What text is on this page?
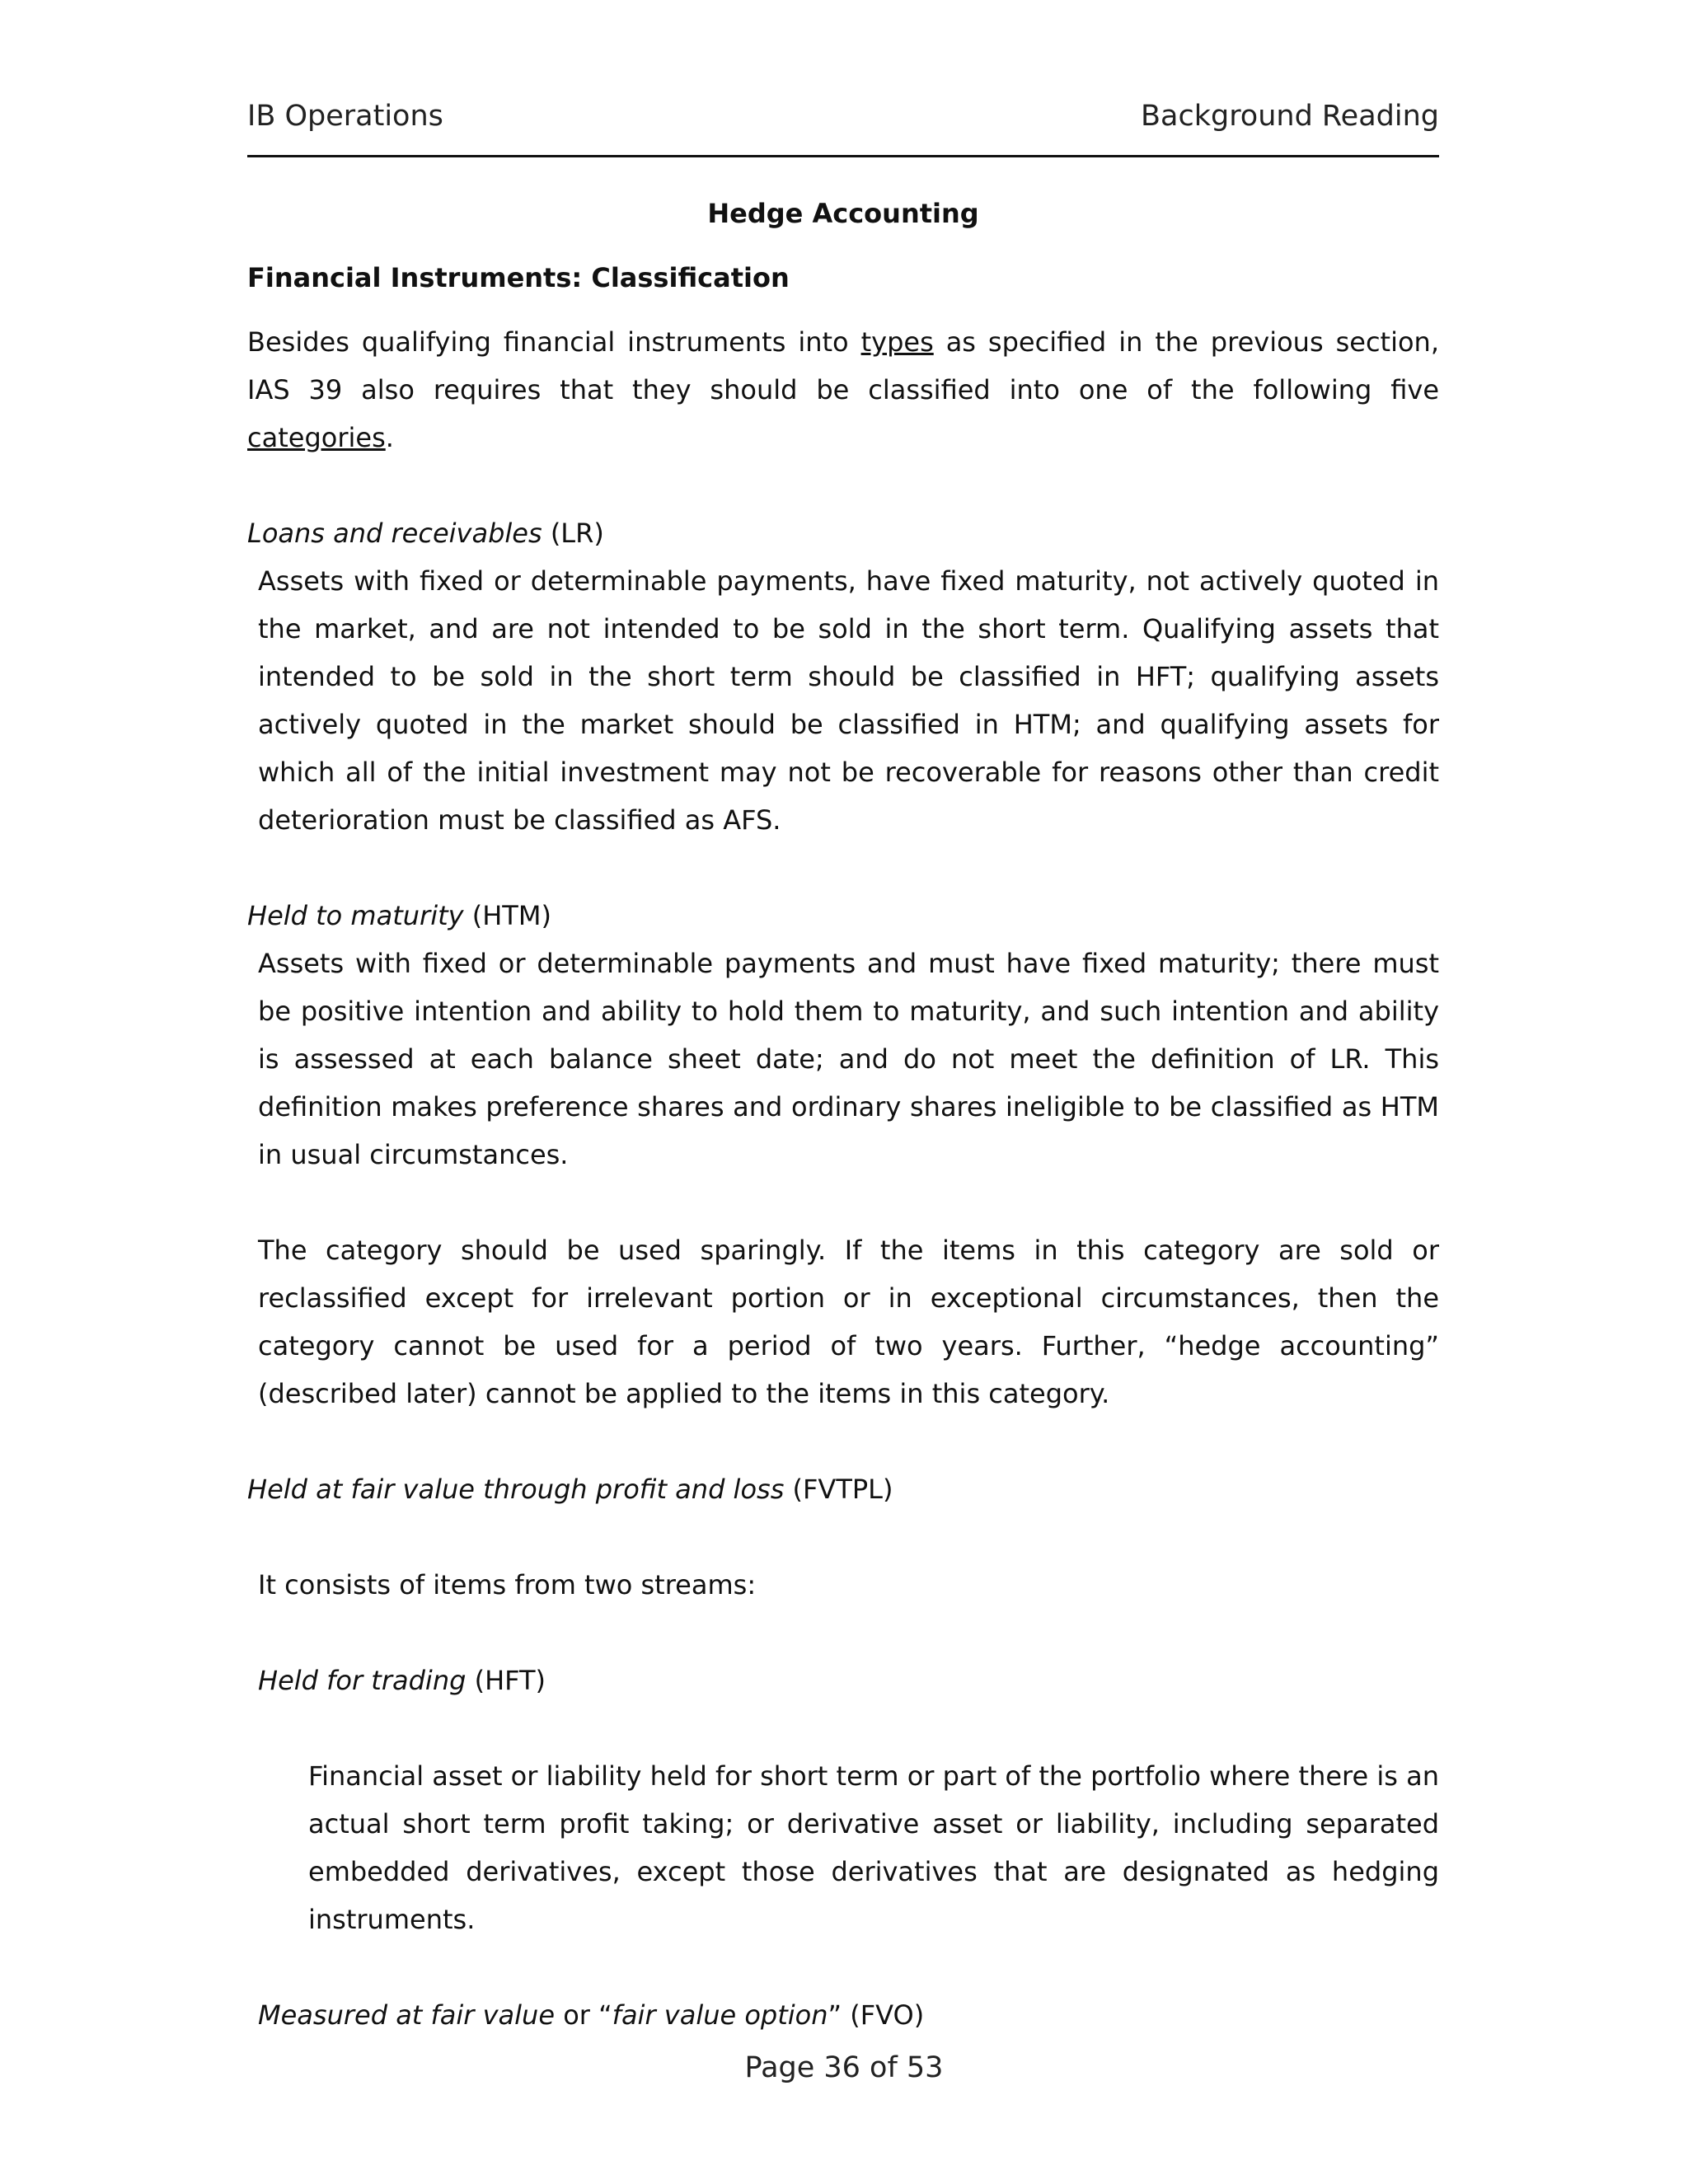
IB Operations	Background Reading

Hedge Accounting

Financial Instruments: Classification

Besides qualifying financial instruments into types as specified in the previous section, IAS 39 also requires that they should be classified into one of the following five categories.

Loans and receivables (LR)

Assets with fixed or determinable payments, have fixed maturity, not actively quoted in the market, and are not intended to be sold in the short term. Qualifying assets that intended to be sold in the short term should be classified in HFT; qualifying assets actively quoted in the market should be classified in HTM; and qualifying assets for which all of the initial investment may not be recoverable for reasons other than credit deterioration must be classified as AFS.

Held to maturity (HTM)

Assets with fixed or determinable payments and must have fixed maturity; there must be positive intention and ability to hold them to maturity, and such intention and ability is assessed at each balance sheet date; and do not meet the definition of LR. This definition makes preference shares and ordinary shares ineligible to be classified as HTM in usual circumstances.

The category should be used sparingly. If the items in this category are sold or reclassified except for irrelevant portion or in exceptional circumstances, then the category cannot be used for a period of two years. Further, “hedge accounting” (described later) cannot be applied to the items in this category.

Held at fair value through profit and loss (FVTPL)

It consists of items from two streams:

Held for trading (HFT)

Financial asset or liability held for short term or part of the portfolio where there is an actual short term profit taking; or derivative asset or liability, including separated embedded derivatives, except those derivatives that are designated as hedging instruments.

Measured at fair value or “fair value option” (FVO)

Page 36 of 53
